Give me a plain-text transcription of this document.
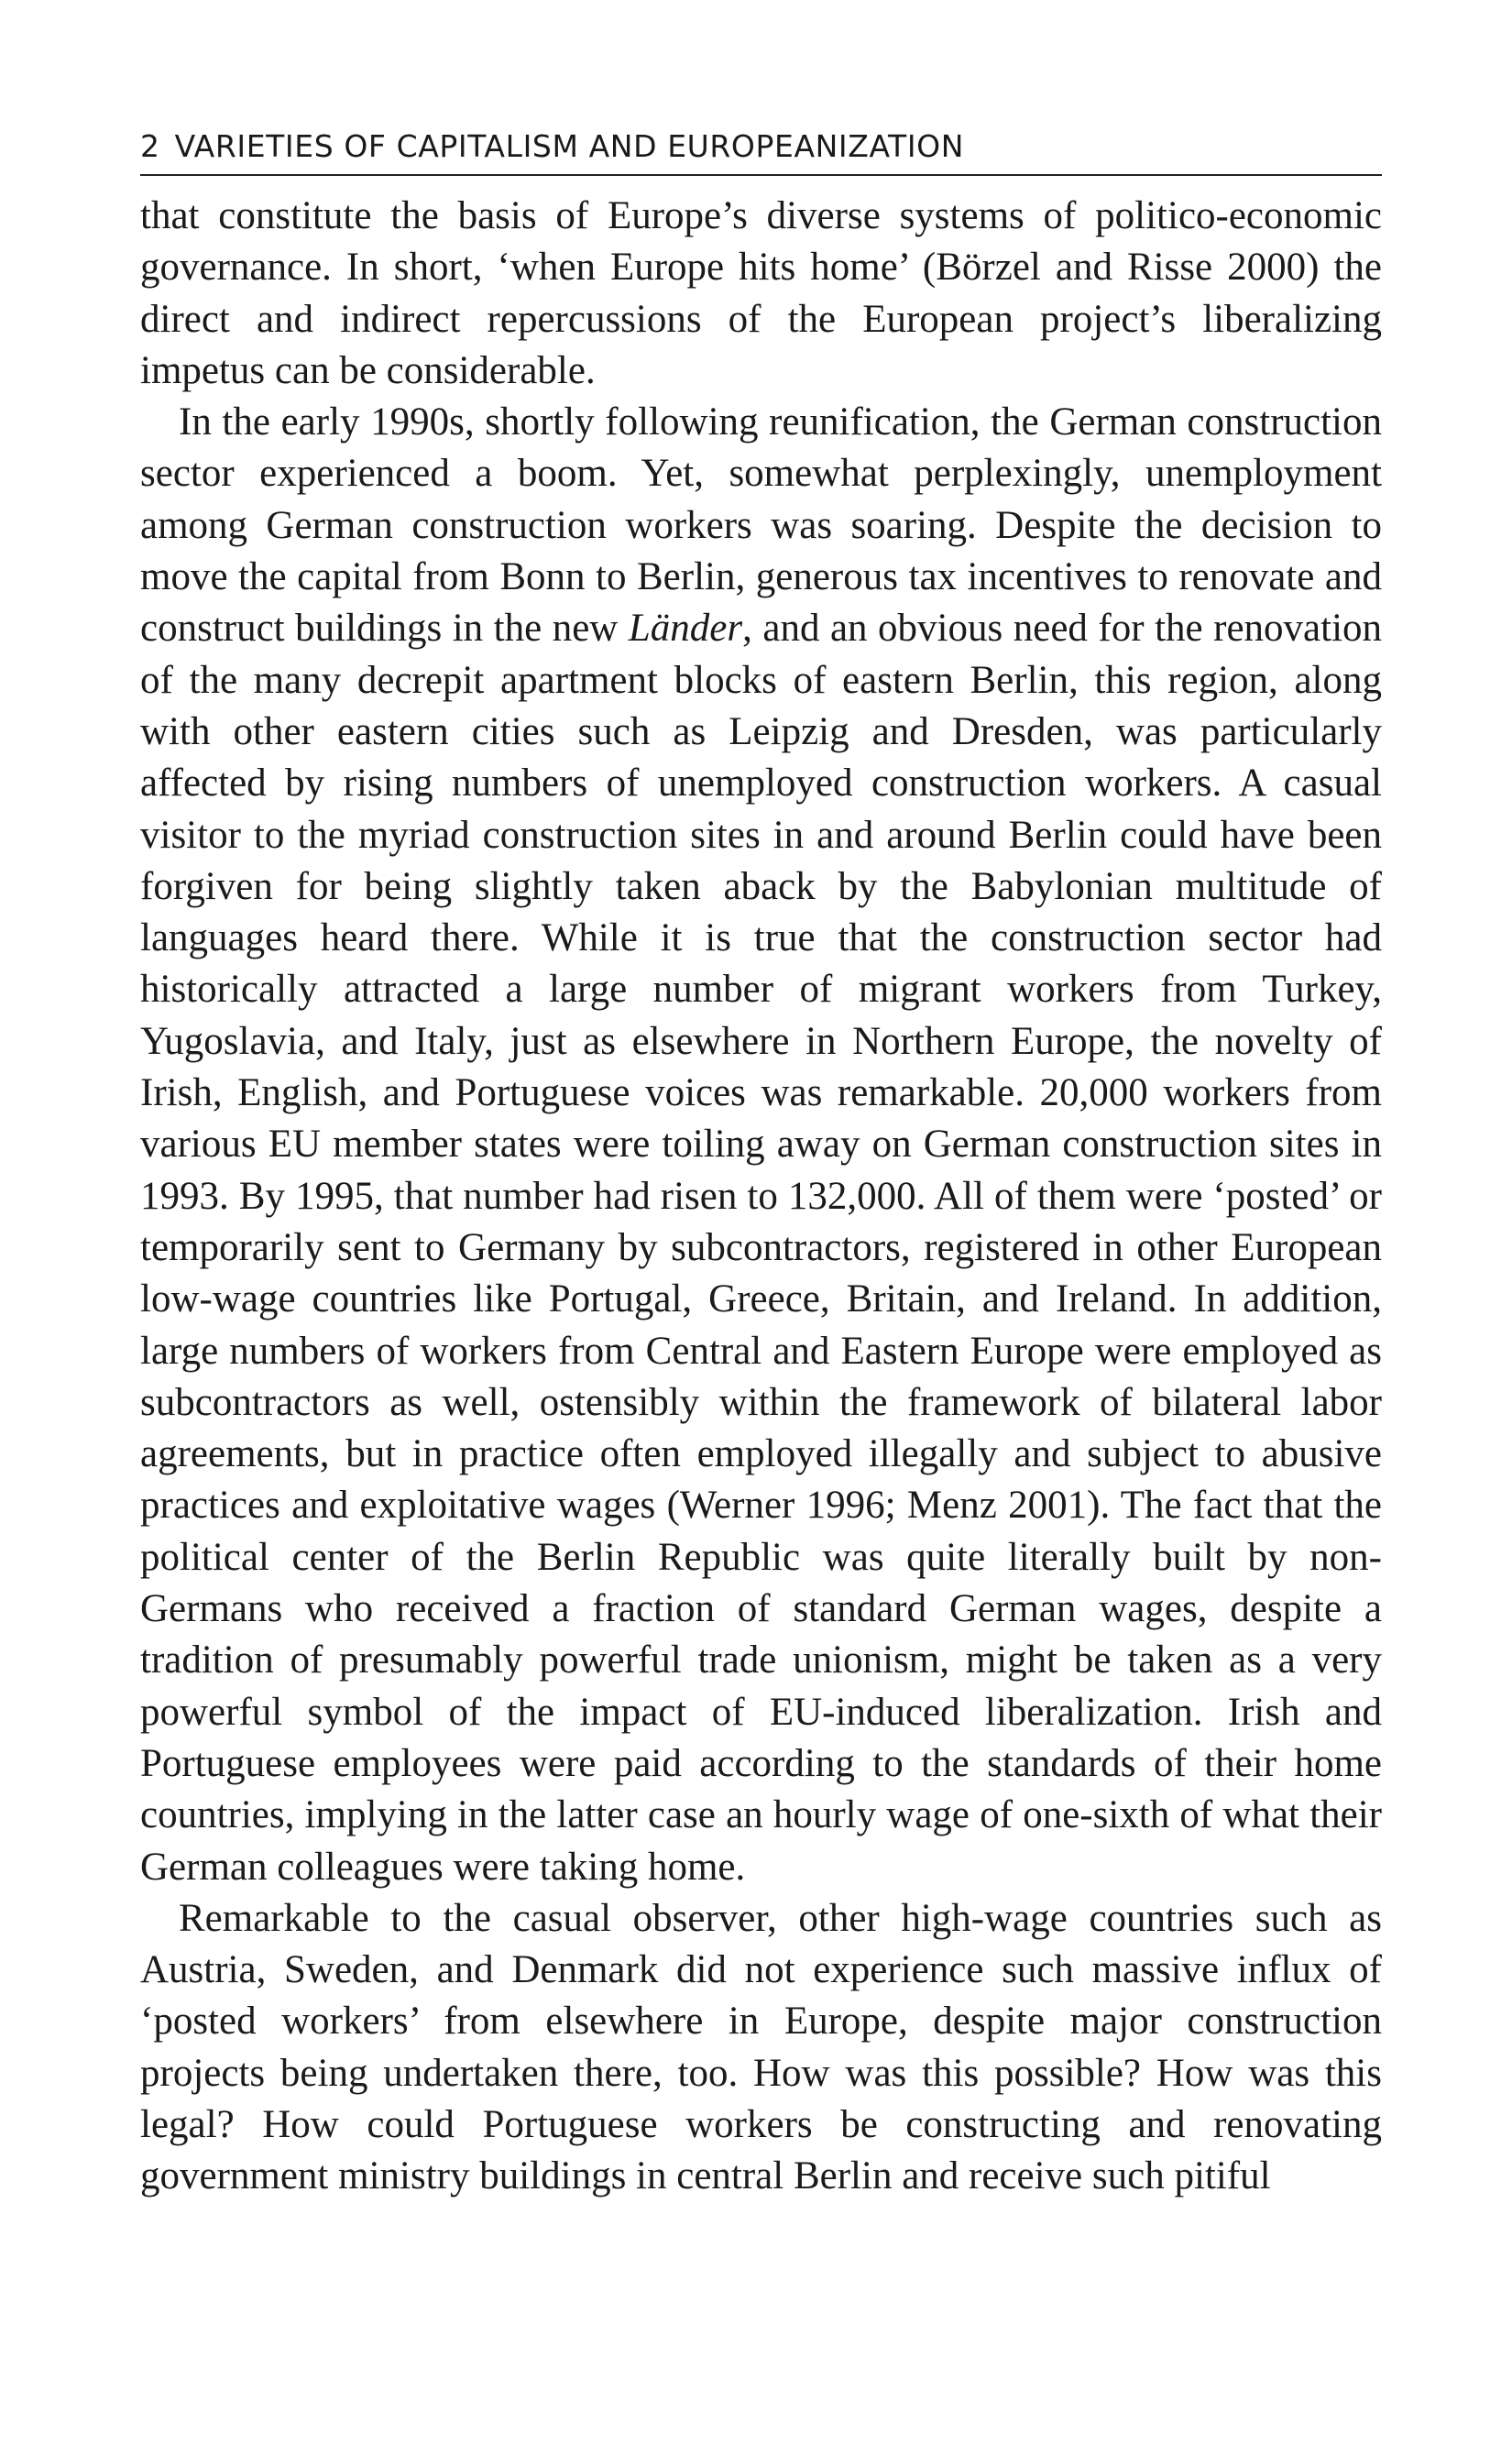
2 VARIETIES OF CAPITALISM AND EUROPEANIZATION

that constitute the basis of Europe’s diverse systems of politico-economic governance. In short, ‘when Europe hits home’ (Börzel and Risse 2000) the direct and indirect repercussions of the European project’s liberalizing impetus can be considerable.

In the early 1990s, shortly following reunification, the German construction sector experienced a boom. Yet, somewhat perplexingly, unemployment among German construction workers was soaring. Despite the decision to move the capital from Bonn to Berlin, generous tax incentives to renovate and construct buildings in the new Länder, and an obvious need for the renovation of the many decrepit apartment blocks of eastern Berlin, this region, along with other eastern cities such as Leipzig and Dresden, was particularly affected by rising numbers of unemployed construction workers. A casual visitor to the myriad construction sites in and around Berlin could have been forgiven for being slightly taken aback by the Babylonian multitude of languages heard there. While it is true that the construction sector had historically attracted a large number of migrant workers from Turkey, Yugoslavia, and Italy, just as elsewhere in Northern Europe, the novelty of Irish, English, and Portuguese voices was remarkable. 20,000 workers from various EU member states were toiling away on German construction sites in 1993. By 1995, that number had risen to 132,000. All of them were ‘posted’ or temporarily sent to Germany by subcontractors, registered in other European low-wage countries like Portugal, Greece, Britain, and Ireland. In addition, large numbers of workers from Central and Eastern Europe were employed as subcontractors as well, ostensibly within the framework of bilateral labor agreements, but in practice often employed illegally and subject to abusive practices and exploitative wages (Werner 1996; Menz 2001). The fact that the political center of the Berlin Republic was quite literally built by non-Germans who received a fraction of standard German wages, despite a tradition of presumably powerful trade unionism, might be taken as a very powerful symbol of the impact of EU-induced liberalization. Irish and Portuguese employees were paid according to the standards of their home countries, implying in the latter case an hourly wage of one-sixth of what their German colleagues were taking home.

Remarkable to the casual observer, other high-wage countries such as Austria, Sweden, and Denmark did not experience such massive influx of ‘posted workers’ from elsewhere in Europe, despite major construction projects being undertaken there, too. How was this possible? How was this legal? How could Portuguese workers be constructing and renovating government ministry buildings in central Berlin and receive such pitiful
